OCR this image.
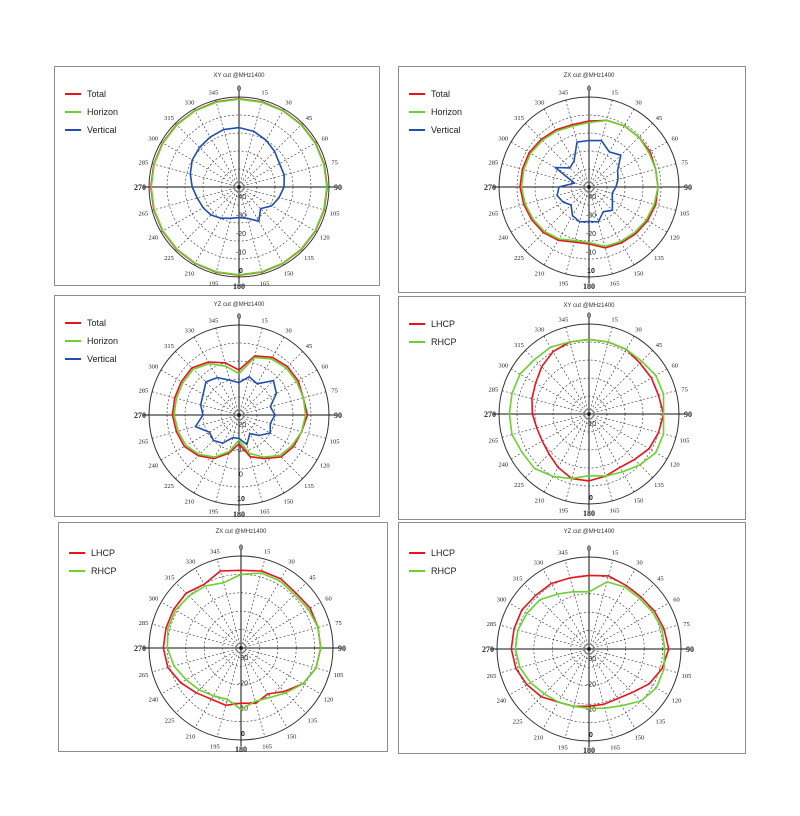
XY cut @MHz1400
0	15
30
45
60
75
90
105
120
135
150
165
180
195
210
225
240
265
270
285
300
315
330
345
-40
-30
-20
-10
0
Total
Horizon
Vertical
ZX cut @MHz1400
0	15
30
45
60
75
90
105
120
135
150
165
180
195
210
225
240
265
270
285
300
315
330
345
-40
-30
-20
-10
10
Total
Horizon
Vertical
YZ cut @MHz1400
0	15
30
45
60
75
90
105
120
135
150
165
180
195
210
225
240
265
270
285
300
315
330
345
-20
-10
0
10
Total
Horizon
Vertical
XY cut @MHz1400
0	15
30
45
60
75
90
105
120
135
150
165
180
195
210
225
240
265
270
285
300
315
330
345
-10
0
LHCP
RHCP
ZX cut @MHz1400
0	15
30
45
60
75
90
105
120
135
150
165
180
195
210
225
240
265
270
285
300
315
330
345
-30
-20
-10
0
LHCP
RHCP
YZ cut @MHz1400
0	15
30
45
60
75
90
105
120
135
150
165
180
195
210
225
240
265
270
285
300
315
330
345
-30
-20
-10
0
LHCP
RHCP
